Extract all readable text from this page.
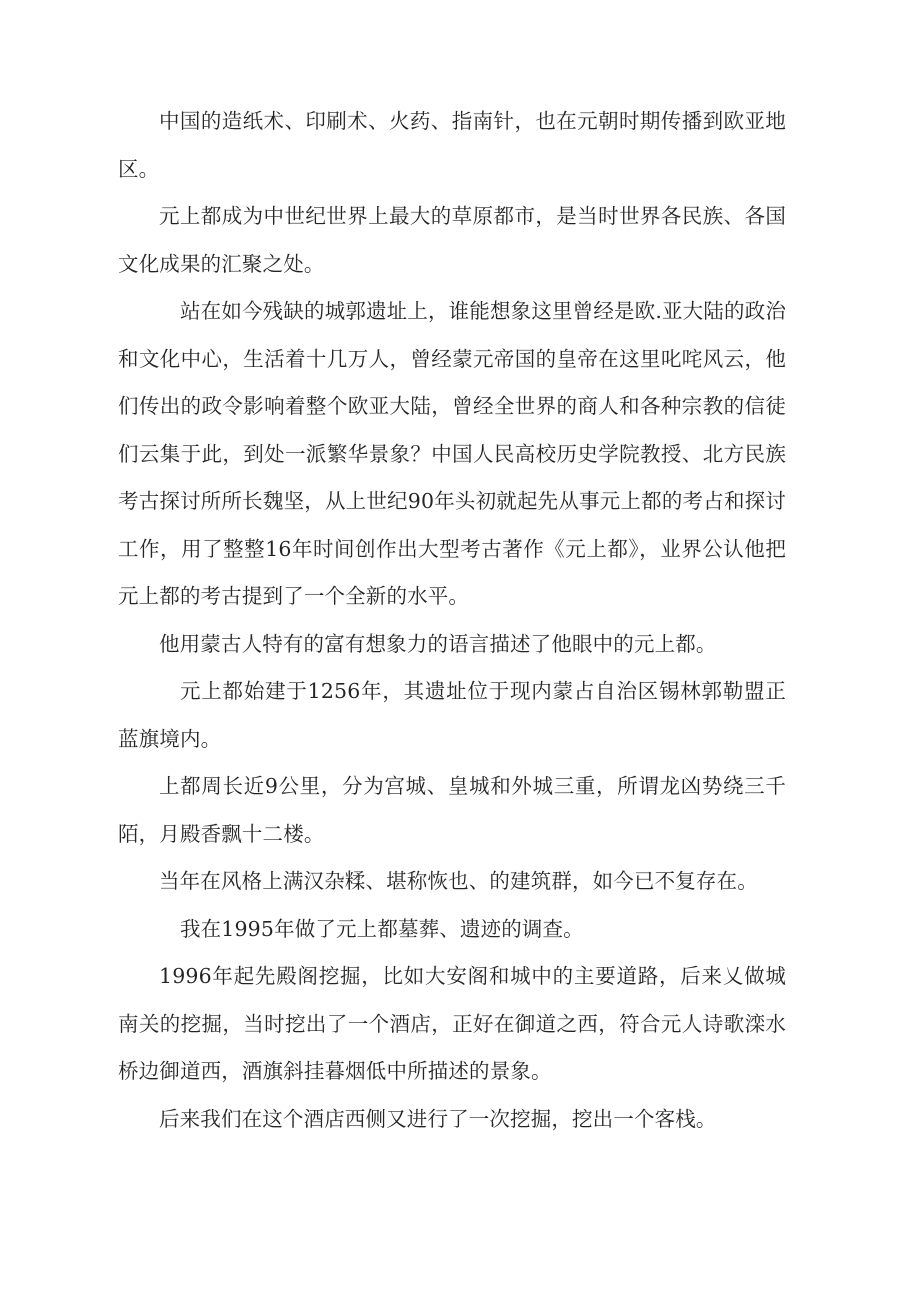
中国的造纸术、印刷术、火药、指南针，也在元朝时期传播到欧亚地区。

元上都成为中世纪世界上最大的草原都市，是当时世界各民族、各国文化成果的汇聚之处。

站在如今残缺的城郭遗址上，谁能想象这里曾经是欧.亚大陆的政治和文化中心，生活着十几万人，曾经蒙元帝国的皇帝在这里叱咤风云，他们传出的政令影响着整个欧亚大陆，曾经全世界的商人和各种宗教的信徒们云集于此，到处一派繁华景象？中国人民高校历史学院教授、北方民族考古探讨所所长魏坚，从上世纪90年头初就起先从事元上都的考占和探讨工作，用了整整16年时间创作出大型考古著作《元上都》，业界公认他把元上都的考古提到了一个全新的水平。

他用蒙古人特有的富有想象力的语言描述了他眼中的元上都。

元上都始建于1256年，其遗址位于现内蒙占自治区锡林郭勒盟正蓝旗境内。

上都周长近9公里，分为宫城、皇城和外城三重，所谓龙凶势绕三千陌，月殿香飘十二楼。

当年在风格上满汉杂糅、堪称恢也、的建筑群，如今已不复存在。

我在1995年做了元上都墓葬、遗迹的调查。

1996年起先殿阁挖掘，比如大安阁和城中的主要道路，后来乂做城南关的挖掘，当时挖出了一个酒店，正好在御道之西，符合元人诗歌滦水桥边御道西，酒旗斜挂暮烟低中所描述的景象。

后来我们在这个酒店西侧又进行了一次挖掘，挖出一个客栈。
